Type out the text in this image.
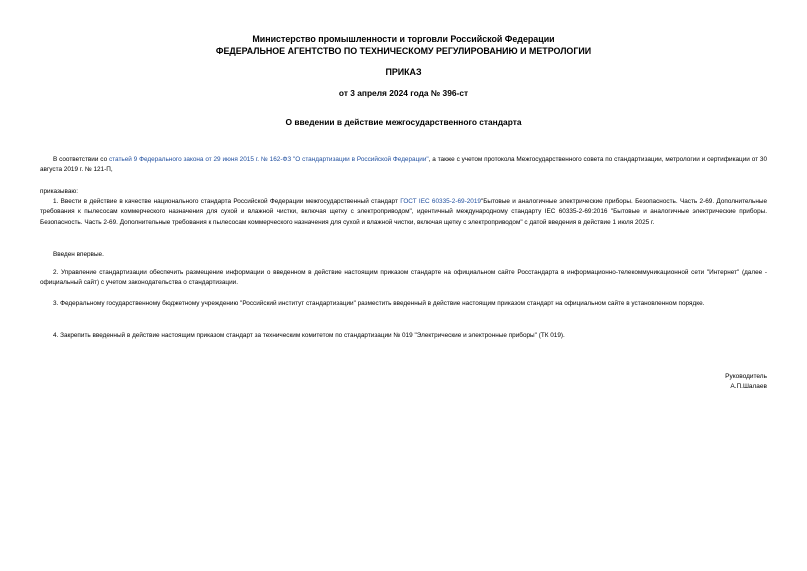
Министерство промышленности и торговли Российской Федерации
ФЕДЕРАЛЬНОЕ АГЕНТСТВО ПО ТЕХНИЧЕСКОМУ РЕГУЛИРОВАНИЮ И МЕТРОЛОГИИ
ПРИКАЗ
от 3 апреля 2024 года № 396-ст
О введении в действие межгосударственного стандарта
В соответствии со статьей 9 Федерального закона от 29 июня 2015 г. № 162-ФЗ "О стандартизации в Российской Федерации", а также с учетом протокола Межгосударственного совета по стандартизации, метрологии и сертификации от 30 августа 2019 г. № 121-П,
приказываю:
1. Ввести в действие в качестве национального стандарта Российской Федерации межгосударственный стандарт ГОСТ IEC 60335-2-69-2019"Бытовые и аналогичные электрические приборы. Безопасность. Часть 2-69. Дополнительные требования к пылесосам коммерческого назначения для сухой и влажной чистки, включая щетку с электроприводом", идентичный международному стандарту IEC 60335-2-69:2016 "Бытовые и аналогичные электрические приборы. Безопасность. Часть 2-69. Дополнительные требования к пылесосам коммерческого назначения для сухой и влажной чистки, включая щетку с электроприводом" с датой введения в действие 1 июля 2025 г.
Введен впервые.
2. Управление стандартизации обеспечить размещение информации о введенном в действие настоящим приказом стандарте на официальном сайте Росстандарта в информационно-телекоммуникационной сети "Интернет" (далее - официальный сайт) с учетом законодательства о стандартизации.
3. Федеральному государственному бюджетному учреждению "Российский институт стандартизации" разместить введенный в действие настоящим приказом стандарт на официальном сайте в установленном порядке.
4. Закрепить введенный в действие настоящим приказом стандарт за техническим комитетом по стандартизации № 019 "Электрические и электронные приборы" (ТК 019).
Руководитель
А.П.Шалаев
